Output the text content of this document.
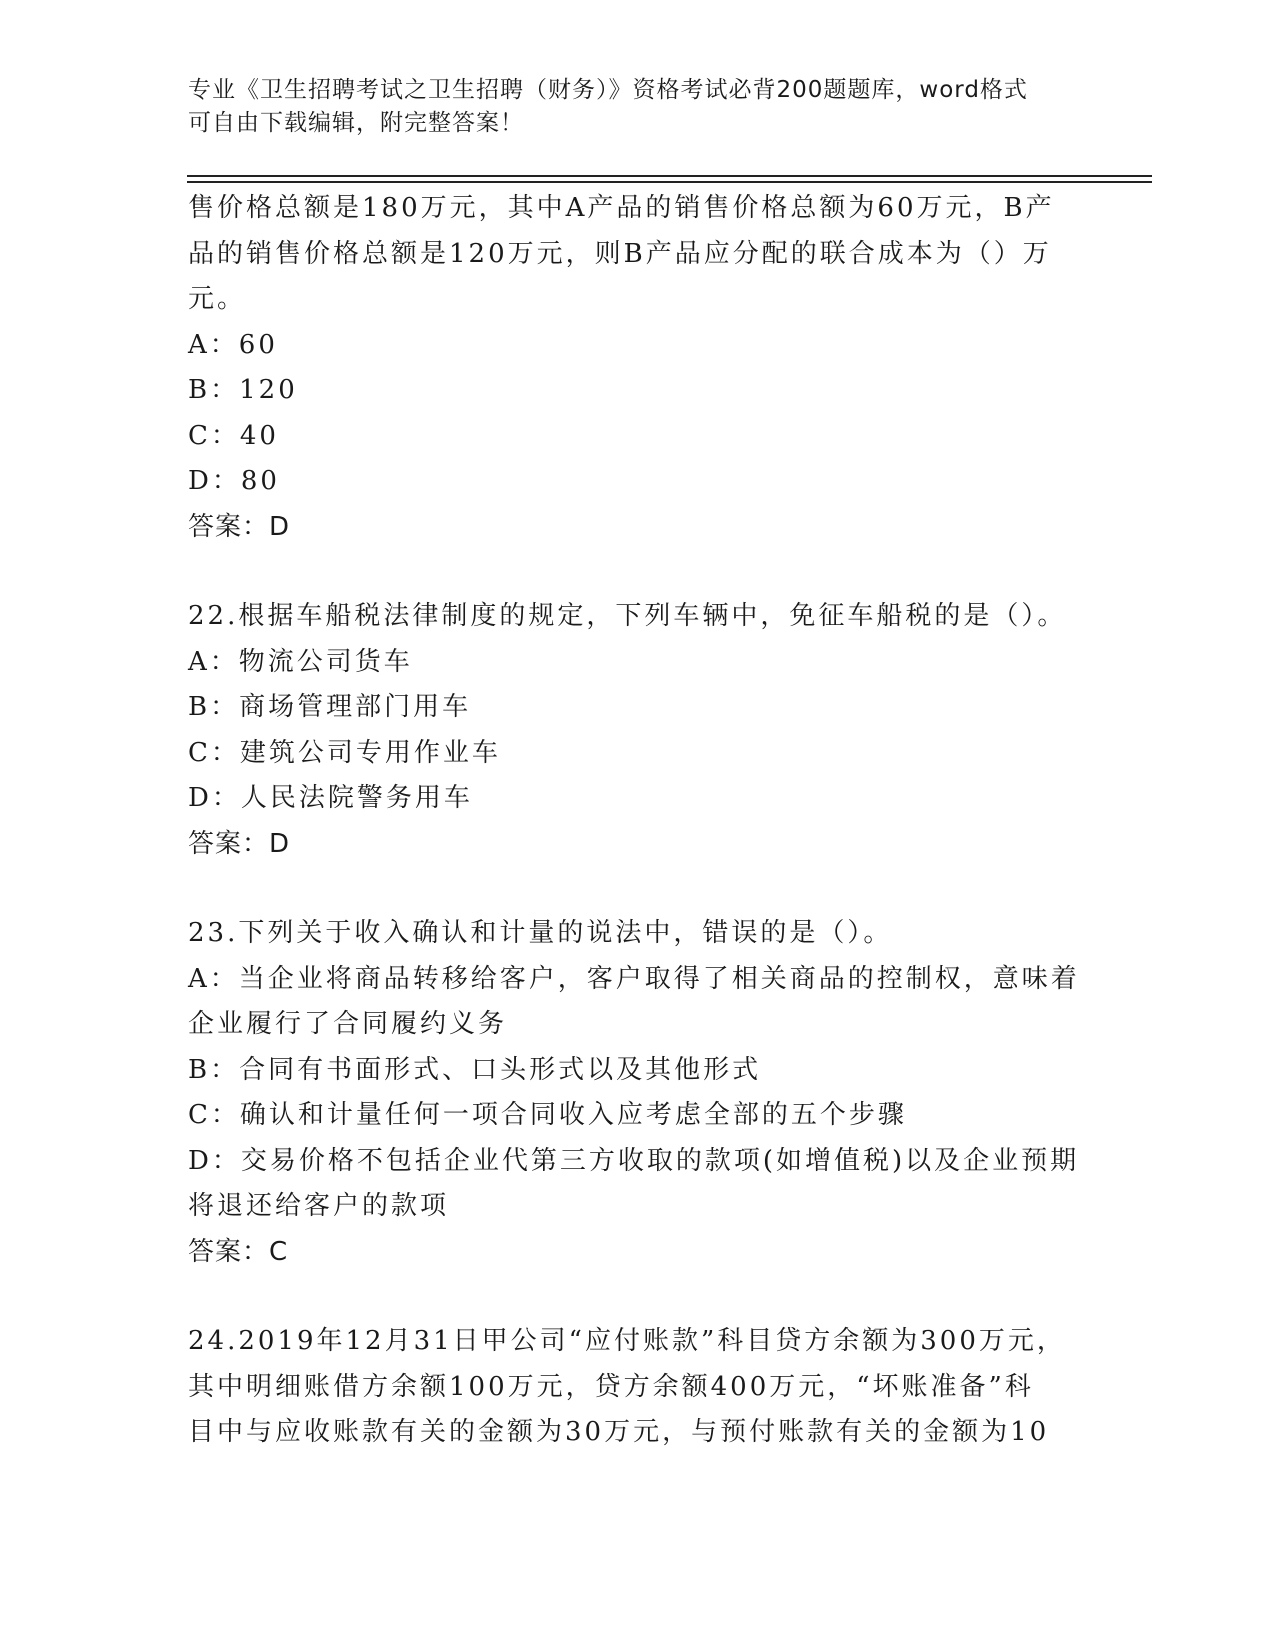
专业《卫生招聘考试之卫生招聘（财务）》资格考试必背200题题库，word格式
可自由下载编辑，附完整答案！
售价格总额是180万元，其中A产品的销售价格总额为60万元，B产
品的销售价格总额是120万元，则B产品应分配的联合成本为（）万
元。
A：60
B：120
C：40
D：80
答案：D
22.根据车船税法律制度的规定，下列车辆中，免征车船税的是（）。
A：物流公司货车
B：商场管理部门用车
C：建筑公司专用作业车
D：人民法院警务用车
答案：D
23.下列关于收入确认和计量的说法中，错误的是（）。
A：当企业将商品转移给客户，客户取得了相关商品的控制权，意味着
企业履行了合同履约义务
B：合同有书面形式、口头形式以及其他形式
C：确认和计量任何一项合同收入应考虑全部的五个步骤
D：交易价格不包括企业代第三方收取的款项(如增值税)以及企业预期
将退还给客户的款项
答案：C
24.2019年12月31日甲公司“应付账款”科目贷方余额为300万元，
其中明细账借方余额100万元，贷方余额400万元，“坏账准备”科
目中与应收账款有关的金额为30万元，与预付账款有关的金额为10
